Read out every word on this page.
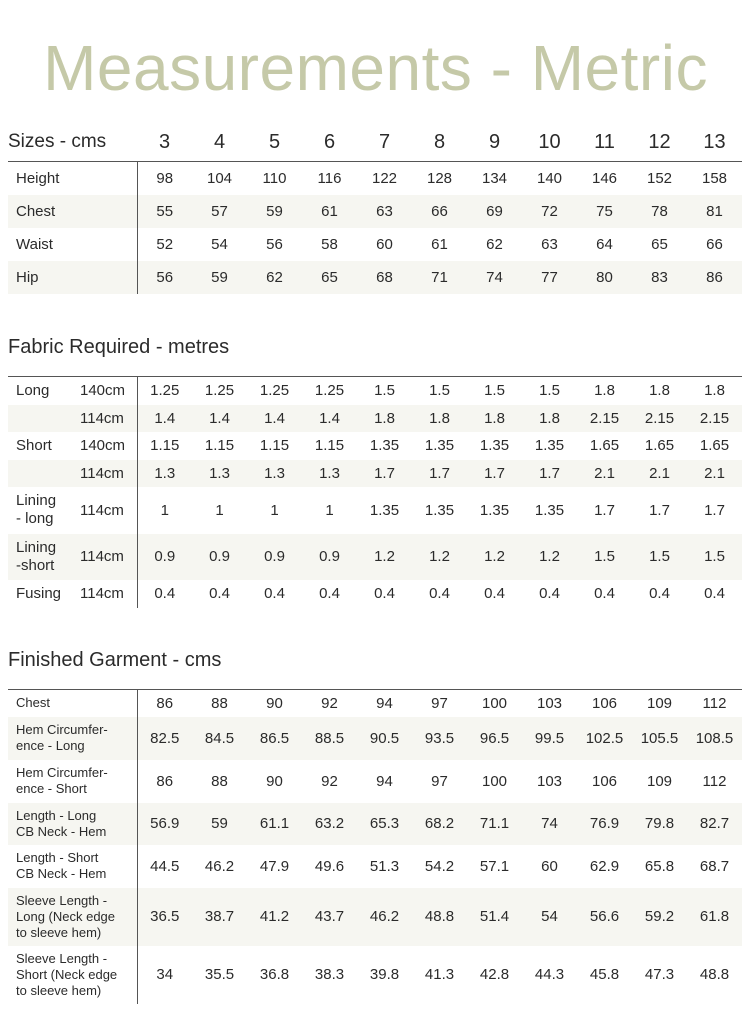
Measurements - Metric
Sizes - cms	3	4	5	6	7	8	9	10	11	12	13
Height	98	104	110	116	122	128	134	140	146	152	158
Chest	55	57	59	61	63	66	69	72	75	78	81
Waist	52	54	56	58	60	61	62	63	64	65	66
Hip	56	59	62	65	68	71	74	77	80	83	86
Fabric Required - metres
Long	140cm	1.25	1.25	1.25	1.25	1.5	1.5	1.5	1.5	1.8	1.8	1.8
	114cm	1.4	1.4	1.4	1.4	1.8	1.8	1.8	1.8	2.15	2.15	2.15
Short	140cm	1.15	1.15	1.15	1.15	1.35	1.35	1.35	1.35	1.65	1.65	1.65
	114cm	1.3	1.3	1.3	1.3	1.7	1.7	1.7	1.7	2.1	2.1	2.1
Lining
- long	114cm	1	1	1	1	1.35	1.35	1.35	1.35	1.7	1.7	1.7
Lining
-short	114cm	0.9	0.9	0.9	0.9	1.2	1.2	1.2	1.2	1.5	1.5	1.5
Fusing	114cm	0.4	0.4	0.4	0.4	0.4	0.4	0.4	0.4	0.4	0.4	0.4
Finished Garment - cms
Chest	86	88	90	92	94	97	100	103	106	109	112
Hem Circumfer-
ence - Long	82.5	84.5	86.5	88.5	90.5	93.5	96.5	99.5	102.5	105.5	108.5
Hem Circumfer-
ence - Short	86	88	90	92	94	97	100	103	106	109	112
Length - Long
CB Neck - Hem	56.9	59	61.1	63.2	65.3	68.2	71.1	74	76.9	79.8	82.7
Length - Short
CB Neck - Hem	44.5	46.2	47.9	49.6	51.3	54.2	57.1	60	62.9	65.8	68.7
Sleeve Length -
Long (Neck edge
to sleeve hem)	36.5	38.7	41.2	43.7	46.2	48.8	51.4	54	56.6	59.2	61.8
Sleeve Length -
Short (Neck edge
to sleeve hem)	34	35.5	36.8	38.3	39.8	41.3	42.8	44.3	45.8	47.3	48.8
